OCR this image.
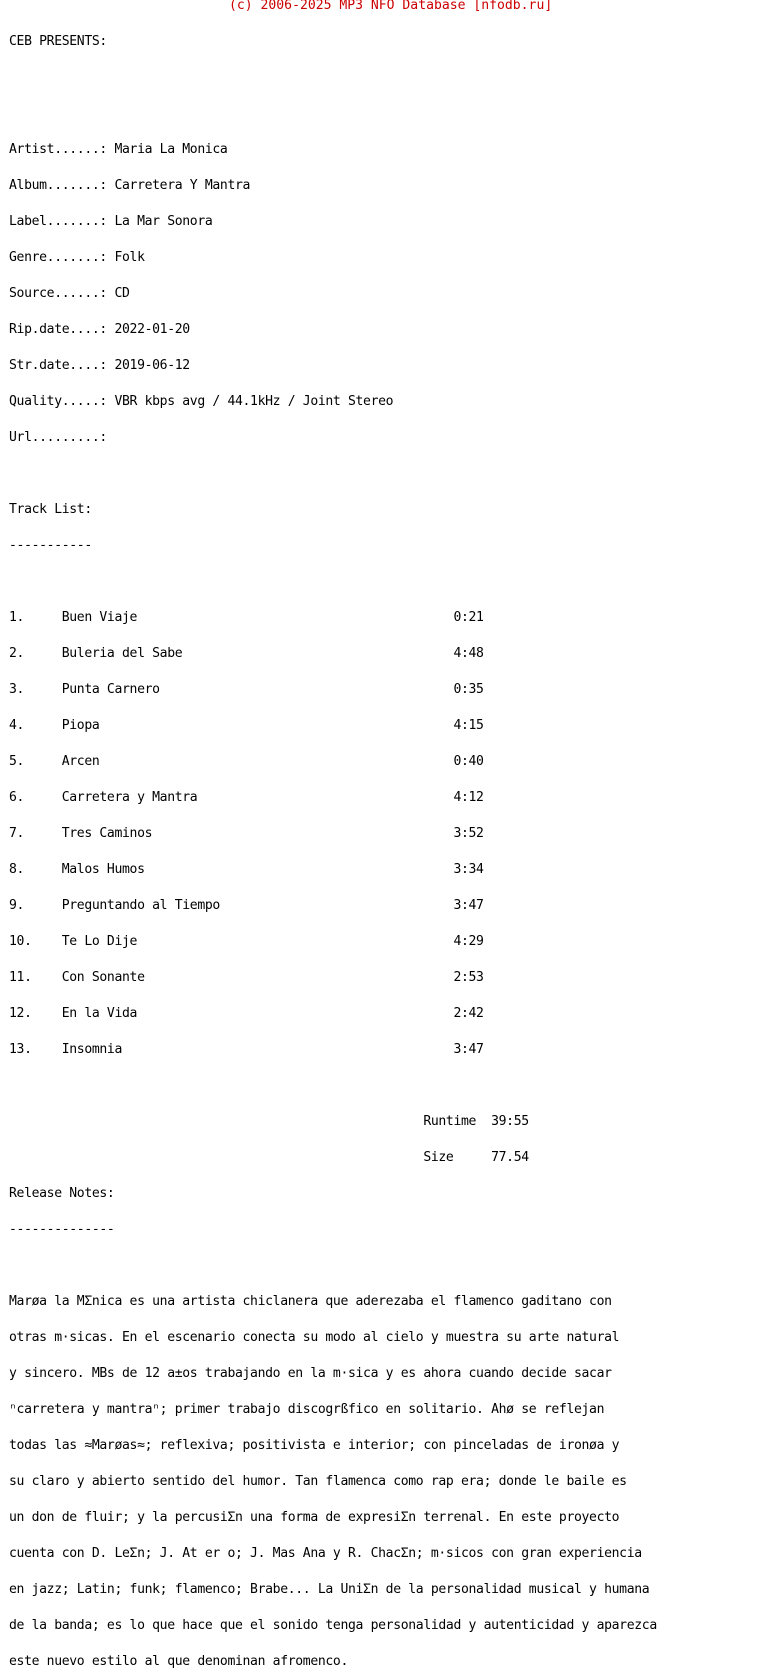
(c) 2006-2025 MP3 NFO Database [nfodb.ru]

CEB PRESENTS:

Artist......: Maria La Monica

Album.......: Carretera Y Mantra

Label.......: La Mar Sonora

Genre.......: Folk

Source......: CD

Rip.date....: 2022-01-20

Str.date....: 2019-06-12

Quality.....: VBR kbps avg / 44.1kHz / Joint Stereo

Url.........:

Track List:

-----------

1.     Buen Viaje                                          0:21

2.     Buleria del Sabe                                    4:48

3.     Punta Carnero                                       0:35

4.     Piopa                                               4:15

5.     Arcen                                               0:40

6.     Carretera y Mantra                                  4:12

7.     Tres Caminos                                        3:52

8.     Malos Humos                                         3:34

9.     Preguntando al Tiempo                               3:47

10.    Te Lo Dije                                          4:29

11.    Con Sonante                                         2:53

12.    En la Vida                                          2:42

13.    Insomnia                                            3:47

Runtime  39:55

Size     77.54

Release Notes:

--------------

Marøa la MΣnica es una artista chiclanera que aderezaba el flamenco gaditano con

otras m·sicas. En el escenario conecta su modo al cielo y muestra su arte natural

y sincero. MBs de 12 a±os trabajando en la m·sica y es ahora cuando decide sacar

ⁿcarretera y mantraⁿ; primer trabajo discogrßfico en solitario. Ahø se reflejan

todas las ≈Marøas≈; reflexiva; positivista e interior; con pinceladas de ironøa y

su claro y abierto sentido del humor. Tan flamenca como rap era; donde le baile es

un don de fluir; y la percusiΣn una forma de expresiΣn terrenal. En este proyecto

cuenta con D. LeΣn; J. At er o; J. Mas Ana y R. ChacΣn; m·sicos con gran experiencia

en jazz; Latin; funk; flamenco; Brabe... La UniΣn de la personalidad musical y humana

de la banda; es lo que hace que el sonido tenga personalidad y autenticidad y aparezca

este nuevo estilo al que denominan afromenco.
